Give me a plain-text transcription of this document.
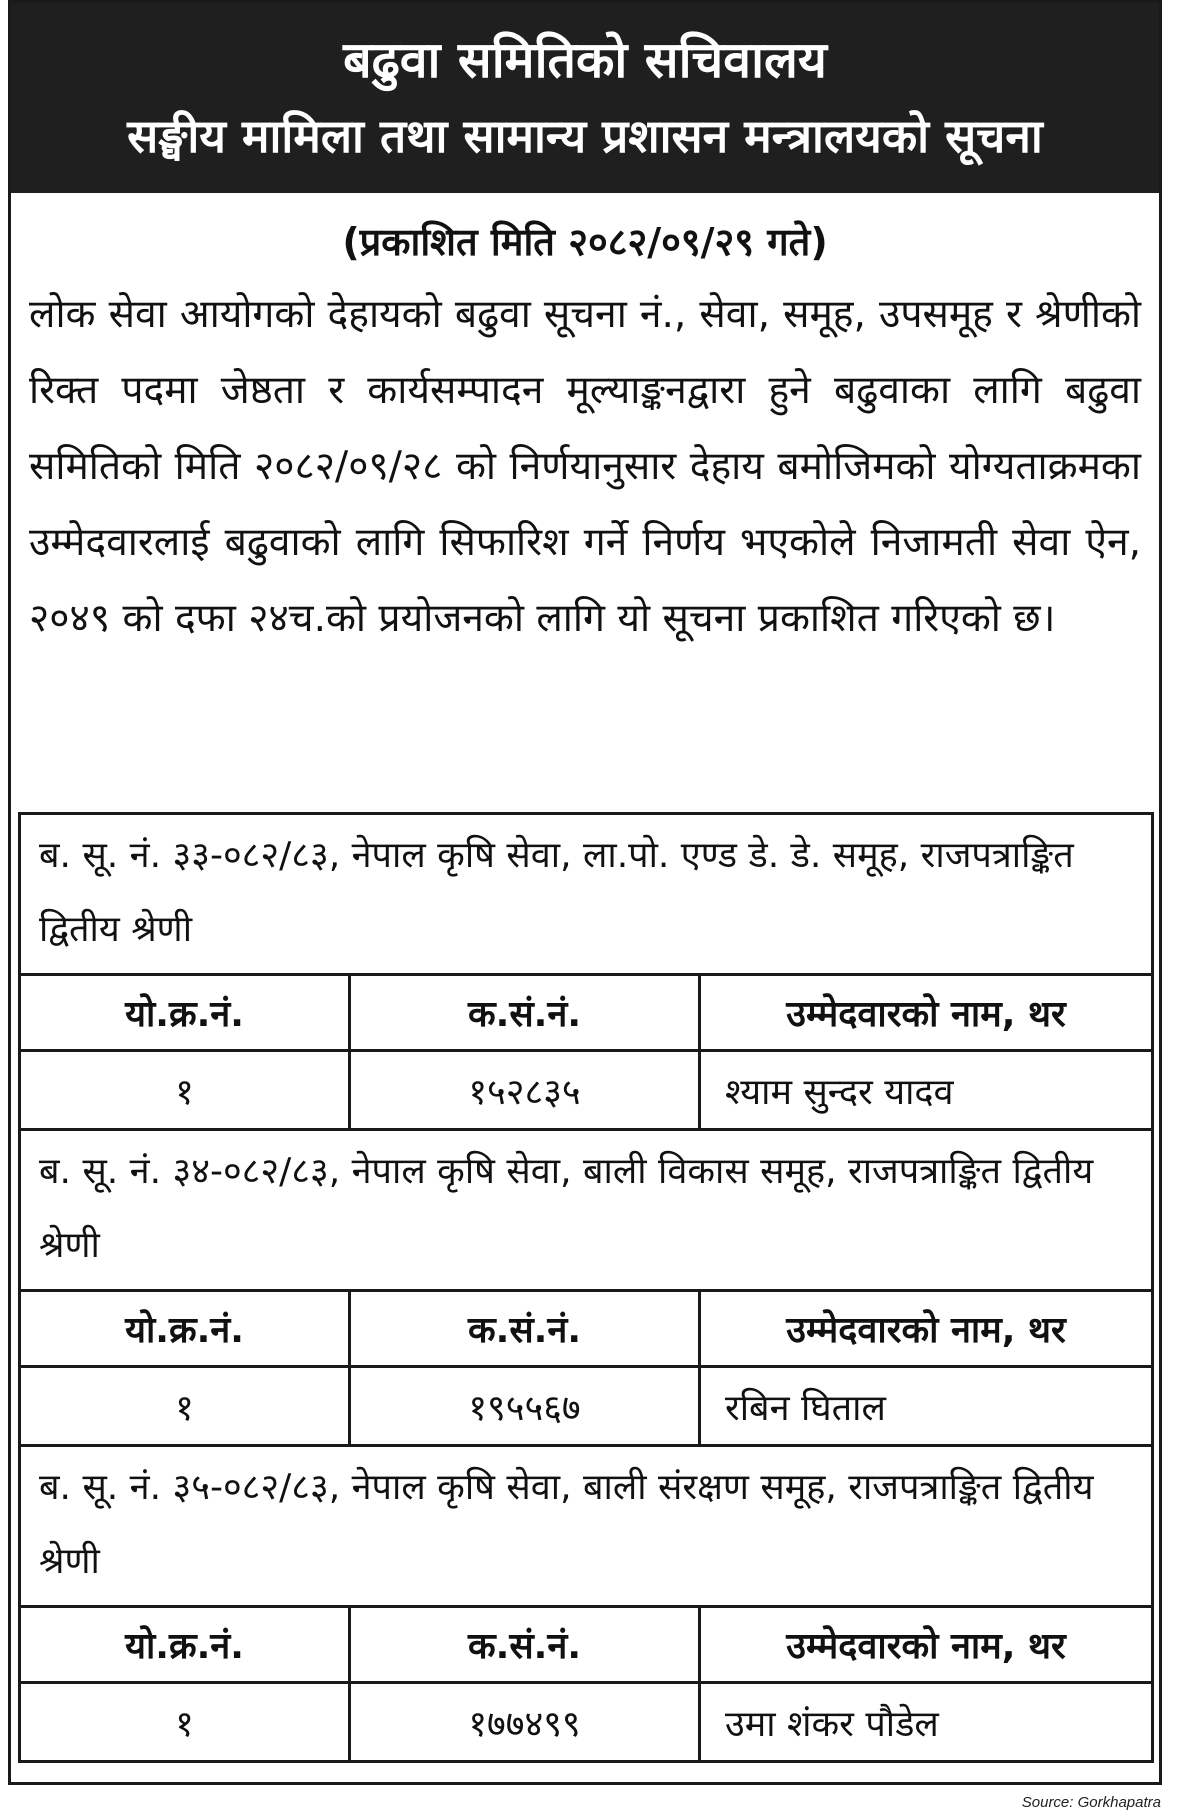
बढुवा समितिको सचिवालय
सङ्घीय मामिला तथा सामान्य प्रशासन मन्त्रालयको सूचना
(प्रकाशित मिति २०८२/०९/२९ गते)
लोक सेवा आयोगको देहायको बढुवा सूचना नं., सेवा, समूह, उपसमूह र श्रेणीको रिक्त पदमा जेष्ठता र कार्यसम्पादन मूल्याङ्कनद्वारा हुने बढुवाका लागि बढुवा समितिको मिति २०८२/०९/२८ को निर्णयानुसार देहाय बमोजिमको योग्यताक्रमका उम्मेदवारलाई बढुवाको लागि सिफारिश गर्ने निर्णय भएकोले निजामती सेवा ऐन, २०४९ को दफा २४च.को प्रयोजनको लागि यो सूचना प्रकाशित गरिएको छ।
ब. सू. नं. ३३-०८२/८३, नेपाल कृषि सेवा, ला.पो. एण्ड डे. डे. समूह, राजपत्राङ्कित द्वितीय श्रेणी
यो.क्र.नं.	क.सं.नं.	उम्मेदवारको नाम, थर
१	१५२८३५	श्याम सुन्दर यादव
ब. सू. नं. ३४-०८२/८३, नेपाल कृषि सेवा, बाली विकास समूह, राजपत्राङ्कित द्वितीय श्रेणी
यो.क्र.नं.	क.सं.नं.	उम्मेदवारको नाम, थर
१	१९५५६७	रबिन घिताल
ब. सू. नं. ३५-०८२/८३, नेपाल कृषि सेवा, बाली संरक्षण समूह, राजपत्राङ्कित द्वितीय श्रेणी
यो.क्र.नं.	क.सं.नं.	उम्मेदवारको नाम, थर
१	१७७४९९	उमा शंकर पौडेल
Source: Gorkhapatra
